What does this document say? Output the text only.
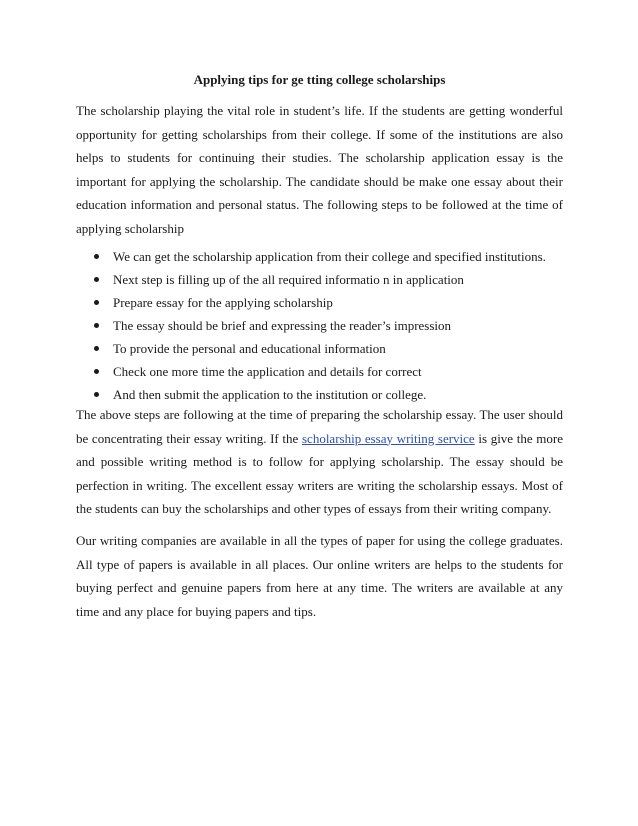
Applying tips for ge tting college scholarships

The scholarship playing the vital role in student’s life. If the students are getting wonderful opportunity for getting scholarships from their college. If some of the institutions are also helps to students for continuing their studies. The scholarship application essay is the important for applying the scholarship. The candidate should be make one essay about their education information and personal status. The following steps to be followed at the time of applying scholarship

We can get the scholarship application from their college and specified institutions.
Next step is filling up of the all required informatio n in application
Prepare essay for the applying scholarship
The essay should be brief and expressing the reader’s impression
To provide the personal and educational information
Check one more time the application and details for correct
And then submit the application to the institution or college.

The above steps are following at the time of preparing the scholarship essay. The user should be concentrating their essay writing. If the scholarship essay writing service is give the more and possible writing method is to follow for applying scholarship. The essay should be perfection in writing. The excellent essay writers are writing the scholarship essays. Most of the students can buy the scholarships and other types of essays from their writing company.

Our writing companies are available in all the types of paper for using the college graduates. All type of papers is available in all places. Our online writers are helps to the students for buying perfect and genuine papers from here at any time. The writers are available at any time and any place for buying papers and tips.
